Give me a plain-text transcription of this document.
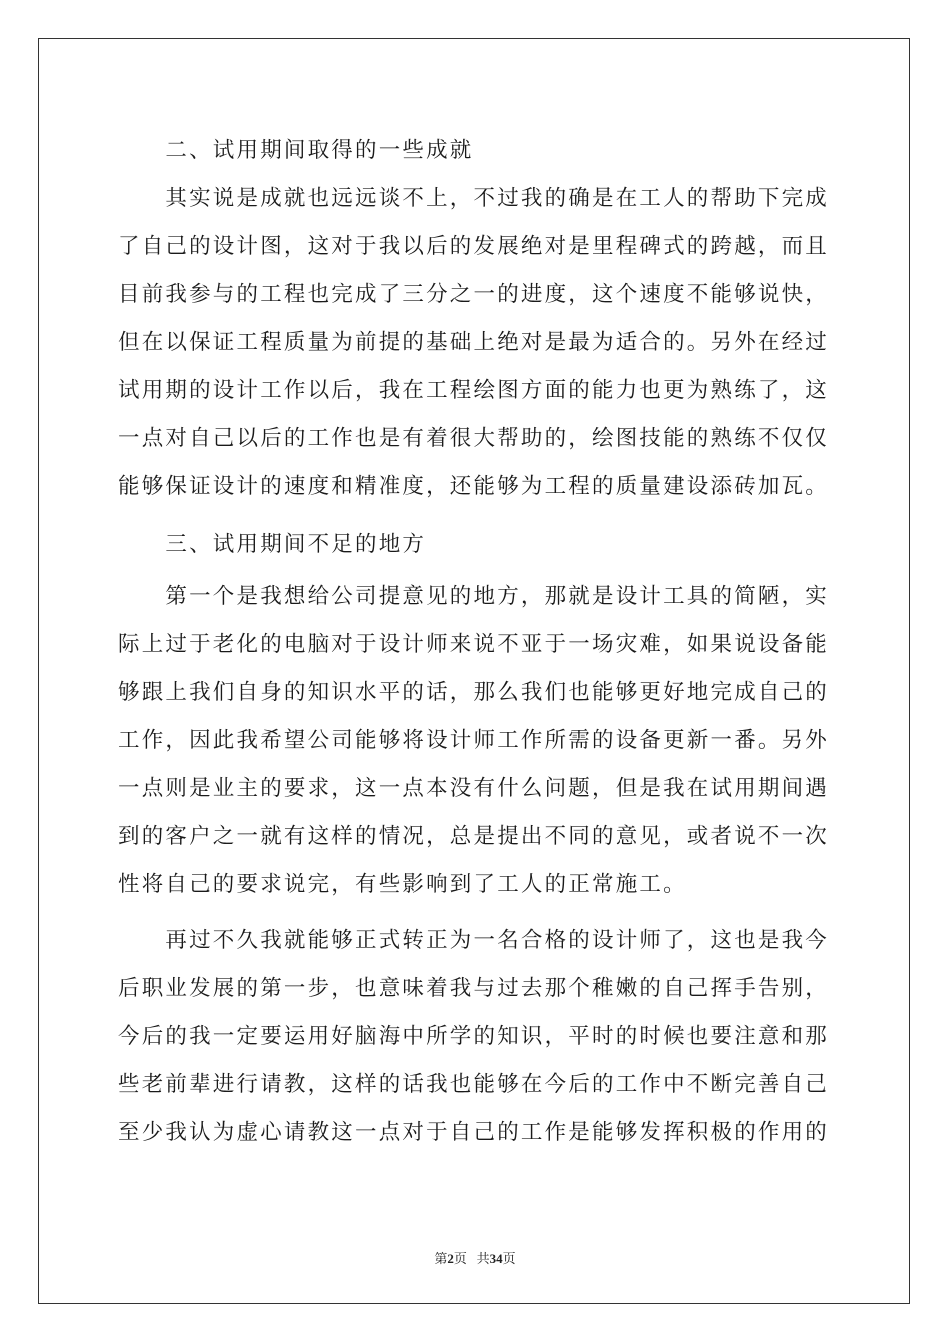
　　二、试用期间取得的一些成就
　　其实说是成就也远远谈不上，不过我的确是在工人的帮助下完成
了自己的设计图，这对于我以后的发展绝对是里程碑式的跨越，而且
目前我参与的工程也完成了三分之一的进度，这个速度不能够说快，
但在以保证工程质量为前提的基础上绝对是最为适合的。另外在经过
试用期的设计工作以后，我在工程绘图方面的能力也更为熟练了，这
一点对自己以后的工作也是有着很大帮助的，绘图技能的熟练不仅仅
能够保证设计的速度和精准度，还能够为工程的质量建设添砖加瓦。
　　三、试用期间不足的地方
　　第一个是我想给公司提意见的地方，那就是设计工具的简陋，实
际上过于老化的电脑对于设计师来说不亚于一场灾难，如果说设备能
够跟上我们自身的知识水平的话，那么我们也能够更好地完成自己的
工作，因此我希望公司能够将设计师工作所需的设备更新一番。另外
一点则是业主的要求，这一点本没有什么问题，但是我在试用期间遇
到的客户之一就有这样的情况，总是提出不同的意见，或者说不一次
性将自己的要求说完，有些影响到了工人的正常施工。
　　再过不久我就能够正式转正为一名合格的设计师了，这也是我今
后职业发展的第一步，也意味着我与过去那个稚嫩的自己挥手告别，
今后的我一定要运用好脑海中所学的知识，平时的时候也要注意和那
些老前辈进行请教，这样的话我也能够在今后的工作中不断完善自己
至少我认为虚心请教这一点对于自己的工作是能够发挥积极的作用的
第2页 共34页
